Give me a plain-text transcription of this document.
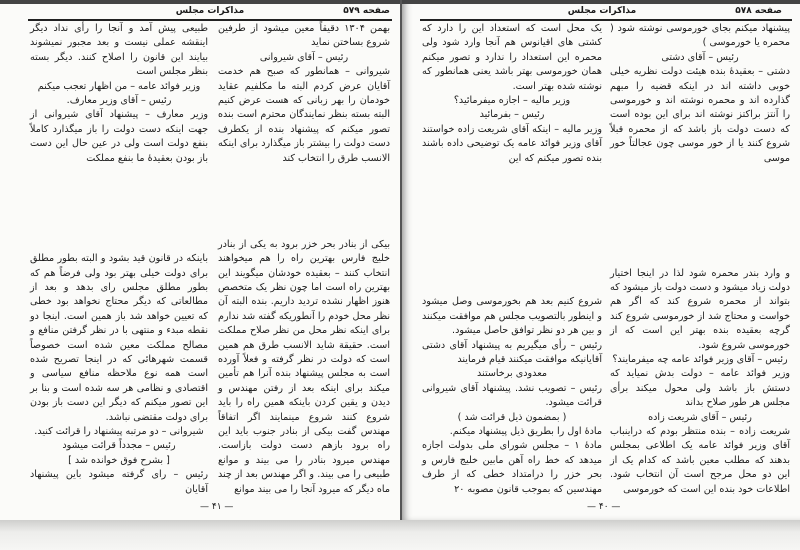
صفحه ۵۷۹
مذاکرات مجلس

بهمن ۱۳۰۴ دقیقاً معین میشود از طرفین شروع بساختن نماید

رئیس – آقای شیروانی

شیروانی – همانطور که صبح هم خدمت آقایان عرض کردم البته ما مکلفیم عقاید خودمان را بهر زبانی که هست عرض کنیم البته بسته بنظر نمایندگان محترم است بنده تصور میکنم که پیشنهاد بنده از یکطرف دست دولت را بیشتر باز میگذارد برای اینکه الانسب طرق را انتخاب کند

بیکی از بنادر بحر خزر برود به یکی از بنادر خلیج فارس بهترین راه را هم میخواهند انتخاب کنند – بعقیده خودشان میگویند این بهترین راه است اما چون نظر یک متخصص هنوز اظهار نشده تردید داریم. بنده البته آن نظر محل خودم را آنطوریکه گفته شد ندارم برای اینکه نظر محل من نظر صلاح مملکت است. حقیقة شاید الانسب طرق هم همین است که دولت در نظر گرفته و فعلاً آورده است به مجلس پیشنهاد بنده آنرا هم تأمین میکند برای اینکه بعد از رفتن مهندس و دیدن و یقین کردن باینکه همین راه را باید شروع کنند شروع مینمایند اگر اتفاقاً مهندس گفت بیکی از بنادر جنوب باید این راه برود بازهم دست دولت بازاست. مهندس میرود بنادر را می بیند و موانع طبیعی را می بیند. و اگر مهندس بعد از چند ماه دیگر که میرود آنجا را می بیند موانع

طبیعی پیش آمد و آنجا را رأی نداد دیگر اینقشه عملی نیست و بعد مجبور نمیشوند بیایند این قانون را اصلاح کنند. دیگر بسته بنظر مجلس است

وزیر فوائد عامه – من اظهار تعجب میکنم

رئیس – آقای وزیر معارف.

وزیر معارف – پیشنهاد آقای شیروانی از جهت اینکه دست دولت را باز میگذارد کاملاً بنفع دولت است ولی در عین حال این دست باز بودن بعقیدهٔ ما بنفع مملکت

باینکه در قانون قید بشود و البته بطور مطلق برای دولت خیلی بهتر بود ولی فرضاً هم که بطور مطلق مجلس رای بدهد و بعد از مطالعاتی که دیگر محتاج نخواهد بود خطی که تعیین خواهد شد باز همین است. اینجا دو نقطه مبدء و منتهی با در نظر گرفتن منافع و مصالح مملکت معین شده است خصوصاً قسمت شهرهائی که در اینجا تصریح شده است همه نوع ملاحظه منافع سیاسی و اقتصادی و نظامی هر سه شده است و بنا بر این تصور میکنم که دیگر این دست باز بودن برای دولت مقتضی نباشد.

شیروانی – دو مرتبه پیشنهاد را قرائت کنید.

رئیس – مجدداً قرائت میشود

[ بشرح فوق خوانده شد ]

رئیس – رای گرفته میشود باین پیشنهاد آقایان

— ۴۱ —
صفحه ۵۷۸
مذاکرات مجلس

پیشنهاد میکنم بجای خورموسی نوشته شود ( محمره یا خورموسی )

رئیس – آقای دشتی

دشتی – بعقیدهٔ بنده هیئت دولت نظریه خیلی خوبی داشته اند در اینکه قضیه را مبهم گذارده اند و محمره نوشته اند و خورموسی را آنتز براکتز نوشته اند برای این بوده است که دست دولت باز باشد که از محمره قبلاً شروع کنند یا از خور موسی چون عجالتاً خور موسی

و وارد بندر محمره شود لذا در اینجا اختیار دولت زیاد میشود و دست دولت باز میشود که بتواند از محمره شروع کند که اگر هم خواست و محتاج شد از خورموسی شروع کند گرچه بعقیده بنده بهتر این است که از خورموسی شروع شود.

رئیس – آقای وزیر فوائد عامه چه میفرمایند؟

وزیر فوائد عامه – دولت بدش نمیاید که دستش باز باشد ولی محول میکند برأی مجلس هر طور صلاح بداند

رئیس – آقای شریعت زاده

شریعت زاده – بنده منتظر بودم که دراینباب آقای وزیر فوائد عامه یک اطلاعی بمجلس بدهند که مطلب معین باشد که کدام یک از این دو محل مرجح است آن انتخاب شود. اطلاعات خود بنده این است که خورموسی

یک محل است که استعداد این را دارد که کشتی های اقیانوس هم آنجا وارد شود ولی محمره این استعداد را ندارد و تصور میکنم همان خورموسی بهتر باشد یعنی همانطور که نوشته شده بهتر است.

وزیر مالیه – اجازه میفرمائید؟

رئیس – بفرمائید

وزیر مالیه – اینکه آقای شریعت زاده خواستند آقای وزیر فوائد عامه یک توضیحی داده باشند بنده تصور میکنم که این

شروع کنیم بعد هم بخورموسی وصل میشود و اینطور بالتصویب مجلس هم موافقت میکنند و بین هر دو نظر توافق حاصل میشود.

رئیس – رأی میگیریم به پیشنهاد آقای دشتی آقایانیکه موافقت میکنند قیام فرمایند

معدودی برخاستند

رئیس – تصویب نشد. پیشنهاد آقای شیروانی قرائت میشود.

( بمضمون ذیل قرائت شد )

مادهٔ اول را بطریق ذیل پیشنهاد میکنم.

مادهٔ ۱ – مجلس شورای ملی بدولت اجازه میدهد که خط راه آهن مابین خلیج فارس و بحر خزر را درامتداد خطی که از طرف مهندسین که بموجب قانون مصوبه ۲۰

— ۴۰ —
